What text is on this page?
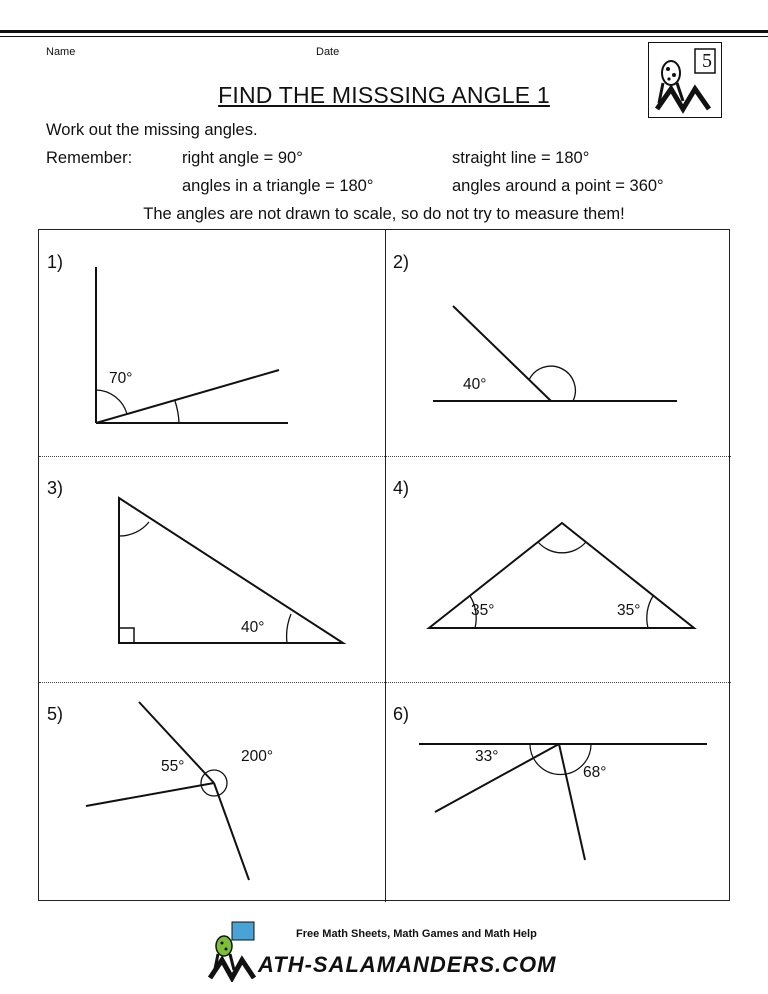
Name	Date	5
FIND THE MISSSING ANGLE 1
Work out the missing angles.
Remember:	right angle = 90°	straight line = 180°
angles in a triangle = 180°	angles around a point = 360°
The angles are not drawn to scale, so do not try to measure them!
1)
70°
2)
40°
3)
40°
4)
35°	35°
5)
55°
200°
6)
33°
68°
Free Math Sheets, Math Games and Math Help
ATH-SALAMANDERS.COM
